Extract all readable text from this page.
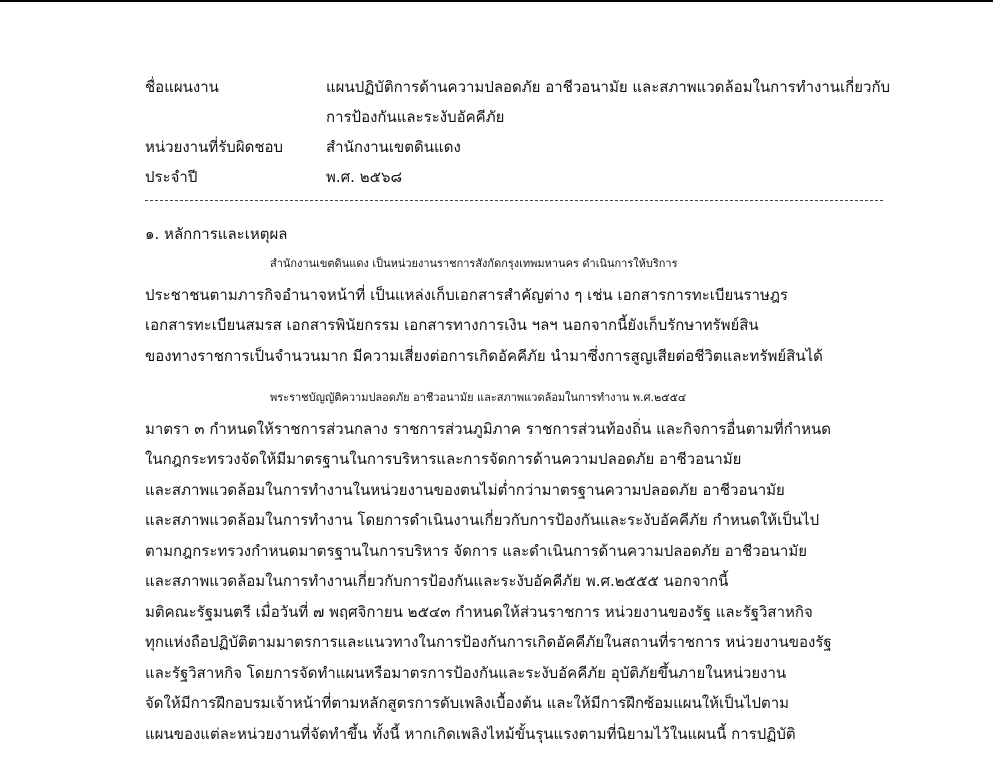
ชื่อแผนงาน	แผนปฏิบัติการด้านความปลอดภัย อาชีวอนามัย และสภาพแวดล้อมในการทำงานเกี่ยวกับ
การป้องกันและระงับอัคคีภัย
หน่วยงานที่รับผิดชอบ	สำนักงานเขตดินแดง
ประจำปี	พ.ศ. ๒๕๖๘
๑. หลักการและเหตุผล

สำนักงานเขตดินแดง เป็นหน่วยงานราชการสังกัดกรุงเทพมหานคร ดำเนินการให้บริการ
ประชาชนตามภารกิจอำนาจหน้าที่ เป็นแหล่งเก็บเอกสารสำคัญต่าง ๆ เช่น เอกสารการทะเบียนราษฎร
เอกสารทะเบียนสมรส เอกสารพินัยกรรม เอกสารทางการเงิน ฯลฯ นอกจากนี้ยังเก็บรักษาทรัพย์สิน
ของทางราชการเป็นจำนวนมาก มีความเสี่ยงต่อการเกิดอัคคีภัย นำมาซึ่งการสูญเสียต่อชีวิตและทรัพย์สินได้

พระราชบัญญัติความปลอดภัย อาชีวอนามัย และสภาพแวดล้อมในการทำงาน พ.ศ.๒๕๕๔
มาตรา ๓ กำหนดให้ราชการส่วนกลาง ราชการส่วนภูมิภาค ราชการส่วนท้องถิ่น และกิจการอื่นตามที่กำหนด
ในกฎกระทรวงจัดให้มีมาตรฐานในการบริหารและการจัดการด้านความปลอดภัย อาชีวอนามัย
และสภาพแวดล้อมในการทำงานในหน่วยงานของตนไม่ต่ำกว่ามาตรฐานความปลอดภัย อาชีวอนามัย
และสภาพแวดล้อมในการทำงาน โดยการดำเนินงานเกี่ยวกับการป้องกันและระงับอัคคีภัย กำหนดให้เป็นไป
ตามกฎกระทรวงกำหนดมาตรฐานในการบริหาร จัดการ และดำเนินการด้านความปลอดภัย อาชีวอนามัย
และสภาพแวดล้อมในการทำงานเกี่ยวกับการป้องกันและระงับอัคคีภัย พ.ศ.๒๕๕๕ นอกจากนี้
มติคณะรัฐมนตรี เมื่อวันที่ ๗ พฤศจิกายน ๒๕๔๓ กำหนดให้ส่วนราชการ หน่วยงานของรัฐ และรัฐวิสาหกิจ
ทุกแห่งถือปฏิบัติตามมาตรการและแนวทางในการป้องกันการเกิดอัคคีภัยในสถานที่ราชการ หน่วยงานของรัฐ
และรัฐวิสาหกิจ โดยการจัดทำแผนหรือมาตรการป้องกันและระงับอัคคีภัย อุบัติภัยขึ้นภายในหน่วยงาน
จัดให้มีการฝึกอบรมเจ้าหน้าที่ตามหลักสูตรการดับเพลิงเบื้องต้น และให้มีการฝึกซ้อมแผนให้เป็นไปตาม
แผนของแต่ละหน่วยงานที่จัดทำขึ้น ทั้งนี้ หากเกิดเพลิงไหม้ขั้นรุนแรงตามที่นิยามไว้ในแผนนี้ การปฏิบัติ
